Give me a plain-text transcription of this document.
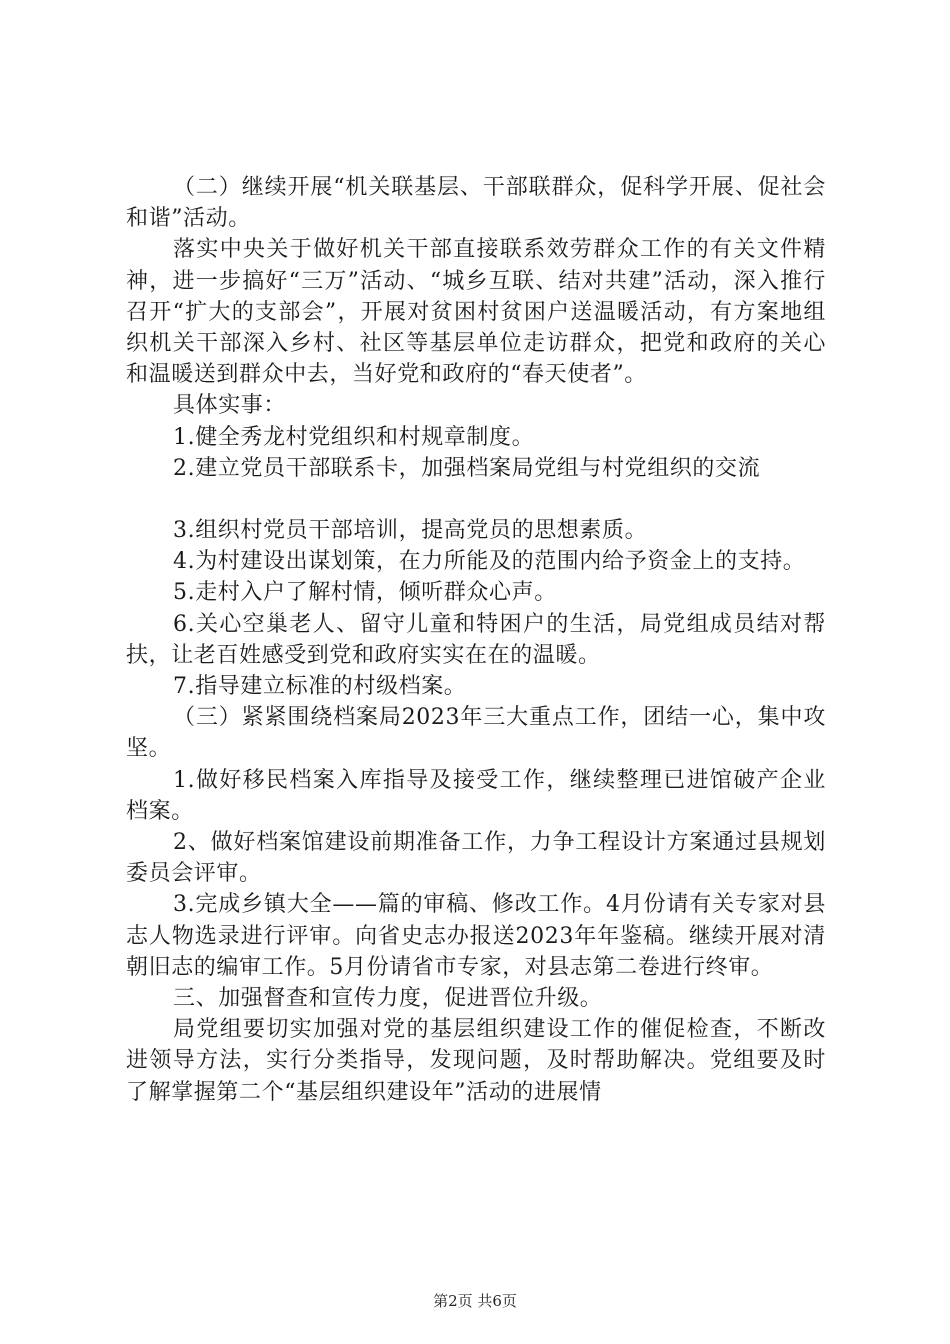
（二）继续开展“机关联基层、干部联群众，促科学开展、促社会和谐”活动。

落实中央关于做好机关干部直接联系效劳群众工作的有关文件精神，进一步搞好“三万”活动、“城乡互联、结对共建”活动，深入推行召开“扩大的支部会”，开展对贫困村贫困户送温暖活动，有方案地组织机关干部深入乡村、社区等基层单位走访群众，把党和政府的关心和温暖送到群众中去，当好党和政府的“春天使者”。

具体实事：

1.健全秀龙村党组织和村规章制度。

2.建立党员干部联系卡，加强档案局党组与村党组织的交流

3.组织村党员干部培训，提高党员的思想素质。

4.为村建设出谋划策，在力所能及的范围内给予资金上的支持。

5.走村入户了解村情，倾听群众心声。

6.关心空巢老人、留守儿童和特困户的生活，局党组成员结对帮扶，让老百姓感受到党和政府实实在在的温暖。

7.指导建立标准的村级档案。

（三）紧紧围绕档案局2023年三大重点工作，团结一心，集中攻坚。

1.做好移民档案入库指导及接受工作，继续整理已进馆破产企业档案。

2、做好档案馆建设前期准备工作，力争工程设计方案通过县规划委员会评审。

3.完成乡镇大全——篇的审稿、修改工作。4月份请有关专家对县志人物选录进行评审。向省史志办报送2023年年鉴稿。继续开展对清朝旧志的编审工作。5月份请省市专家，对县志第二卷进行终审。

三、加强督查和宣传力度，促进晋位升级。

局党组要切实加强对党的基层组织建设工作的催促检查，不断改进领导方法，实行分类指导，发现问题，及时帮助解决。党组要及时了解掌握第二个“基层组织建设年”活动的进展情

第2页 共6页
